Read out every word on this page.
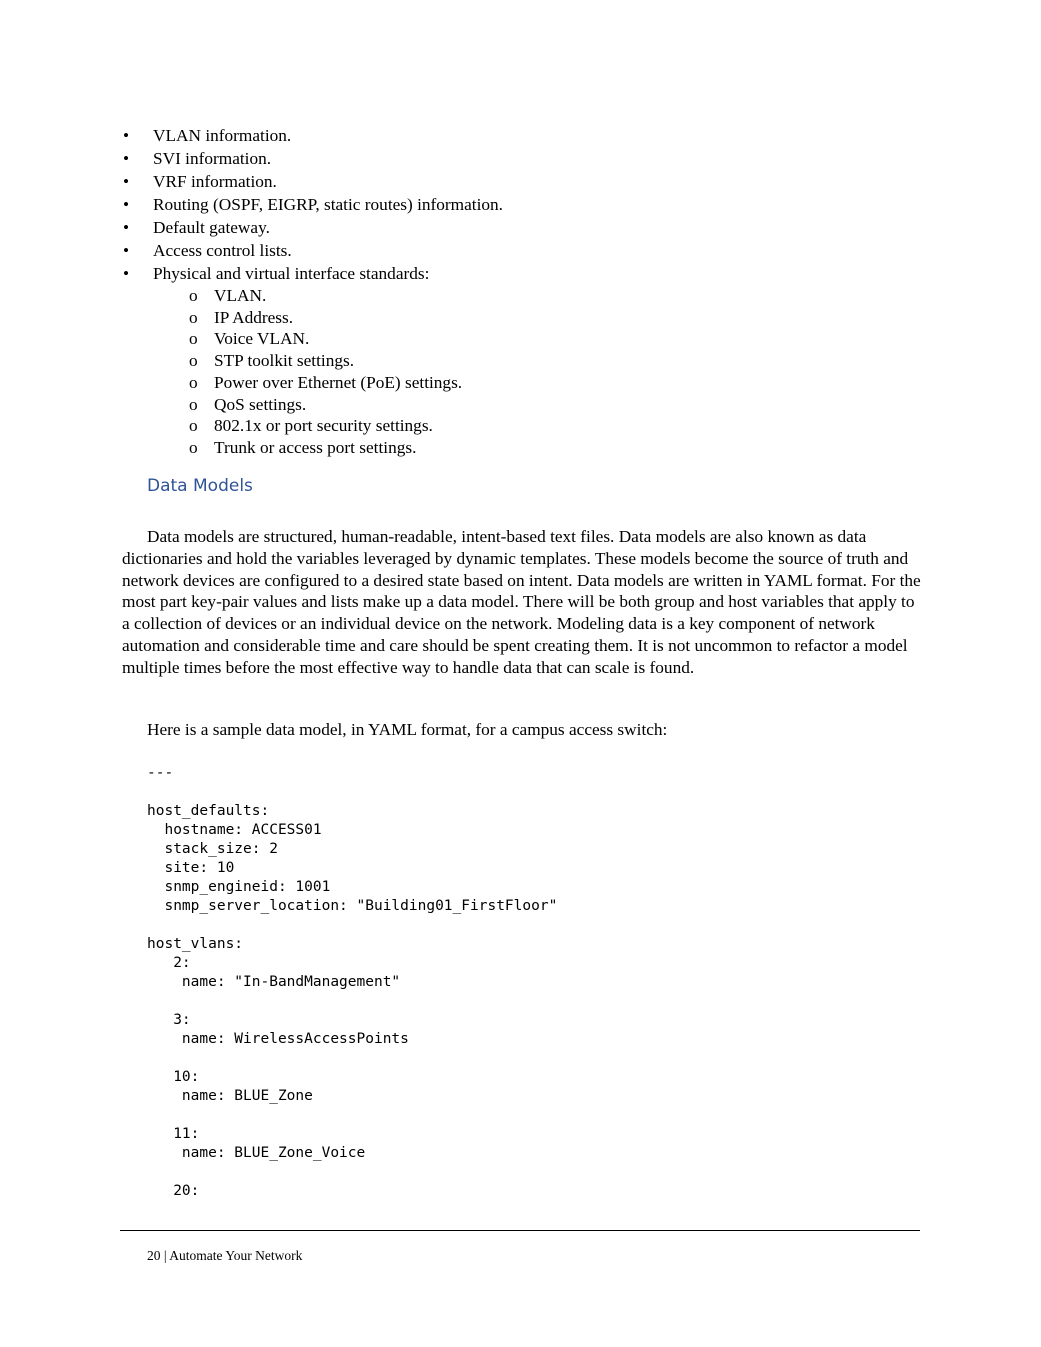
• VLAN information.
• SVI information.
• VRF information.
• Routing (OSPF, EIGRP, static routes) information.
• Default gateway.
• Access control lists.
• Physical and virtual interface standards:
o VLAN.
o IP Address.
o Voice VLAN.
o STP toolkit settings.
o Power over Ethernet (PoE) settings.
o QoS settings.
o 802.1x or port security settings.
o Trunk or access port settings.
Data Models

Data models are structured, human-readable, intent-based text files. Data models are also known as data dictionaries and hold the variables leveraged by dynamic templates. These models become the source of truth and network devices are configured to a desired state based on intent. Data models are written in YAML format. For the most part key-pair values and lists make up a data model. There will be both group and host variables that apply to a collection of devices or an individual device on the network. Modeling data is a key component of network automation and considerable time and care should be spent creating them. It is not uncommon to refactor a model multiple times before the most effective way to handle data that can scale is found.

Here is a sample data model, in YAML format, for a campus access switch:

---

host_defaults:
hostname: ACCESS01
stack_size: 2
site: 10
snmp_engineid: 1001
snmp_server_location: "Building01_FirstFloor"

host_vlans:
2:
name: "In-BandManagement"

3:
name: WirelessAccessPoints

10:
name: BLUE_Zone

11:
name: BLUE_Zone_Voice

20:
20 | Automate Your Network
